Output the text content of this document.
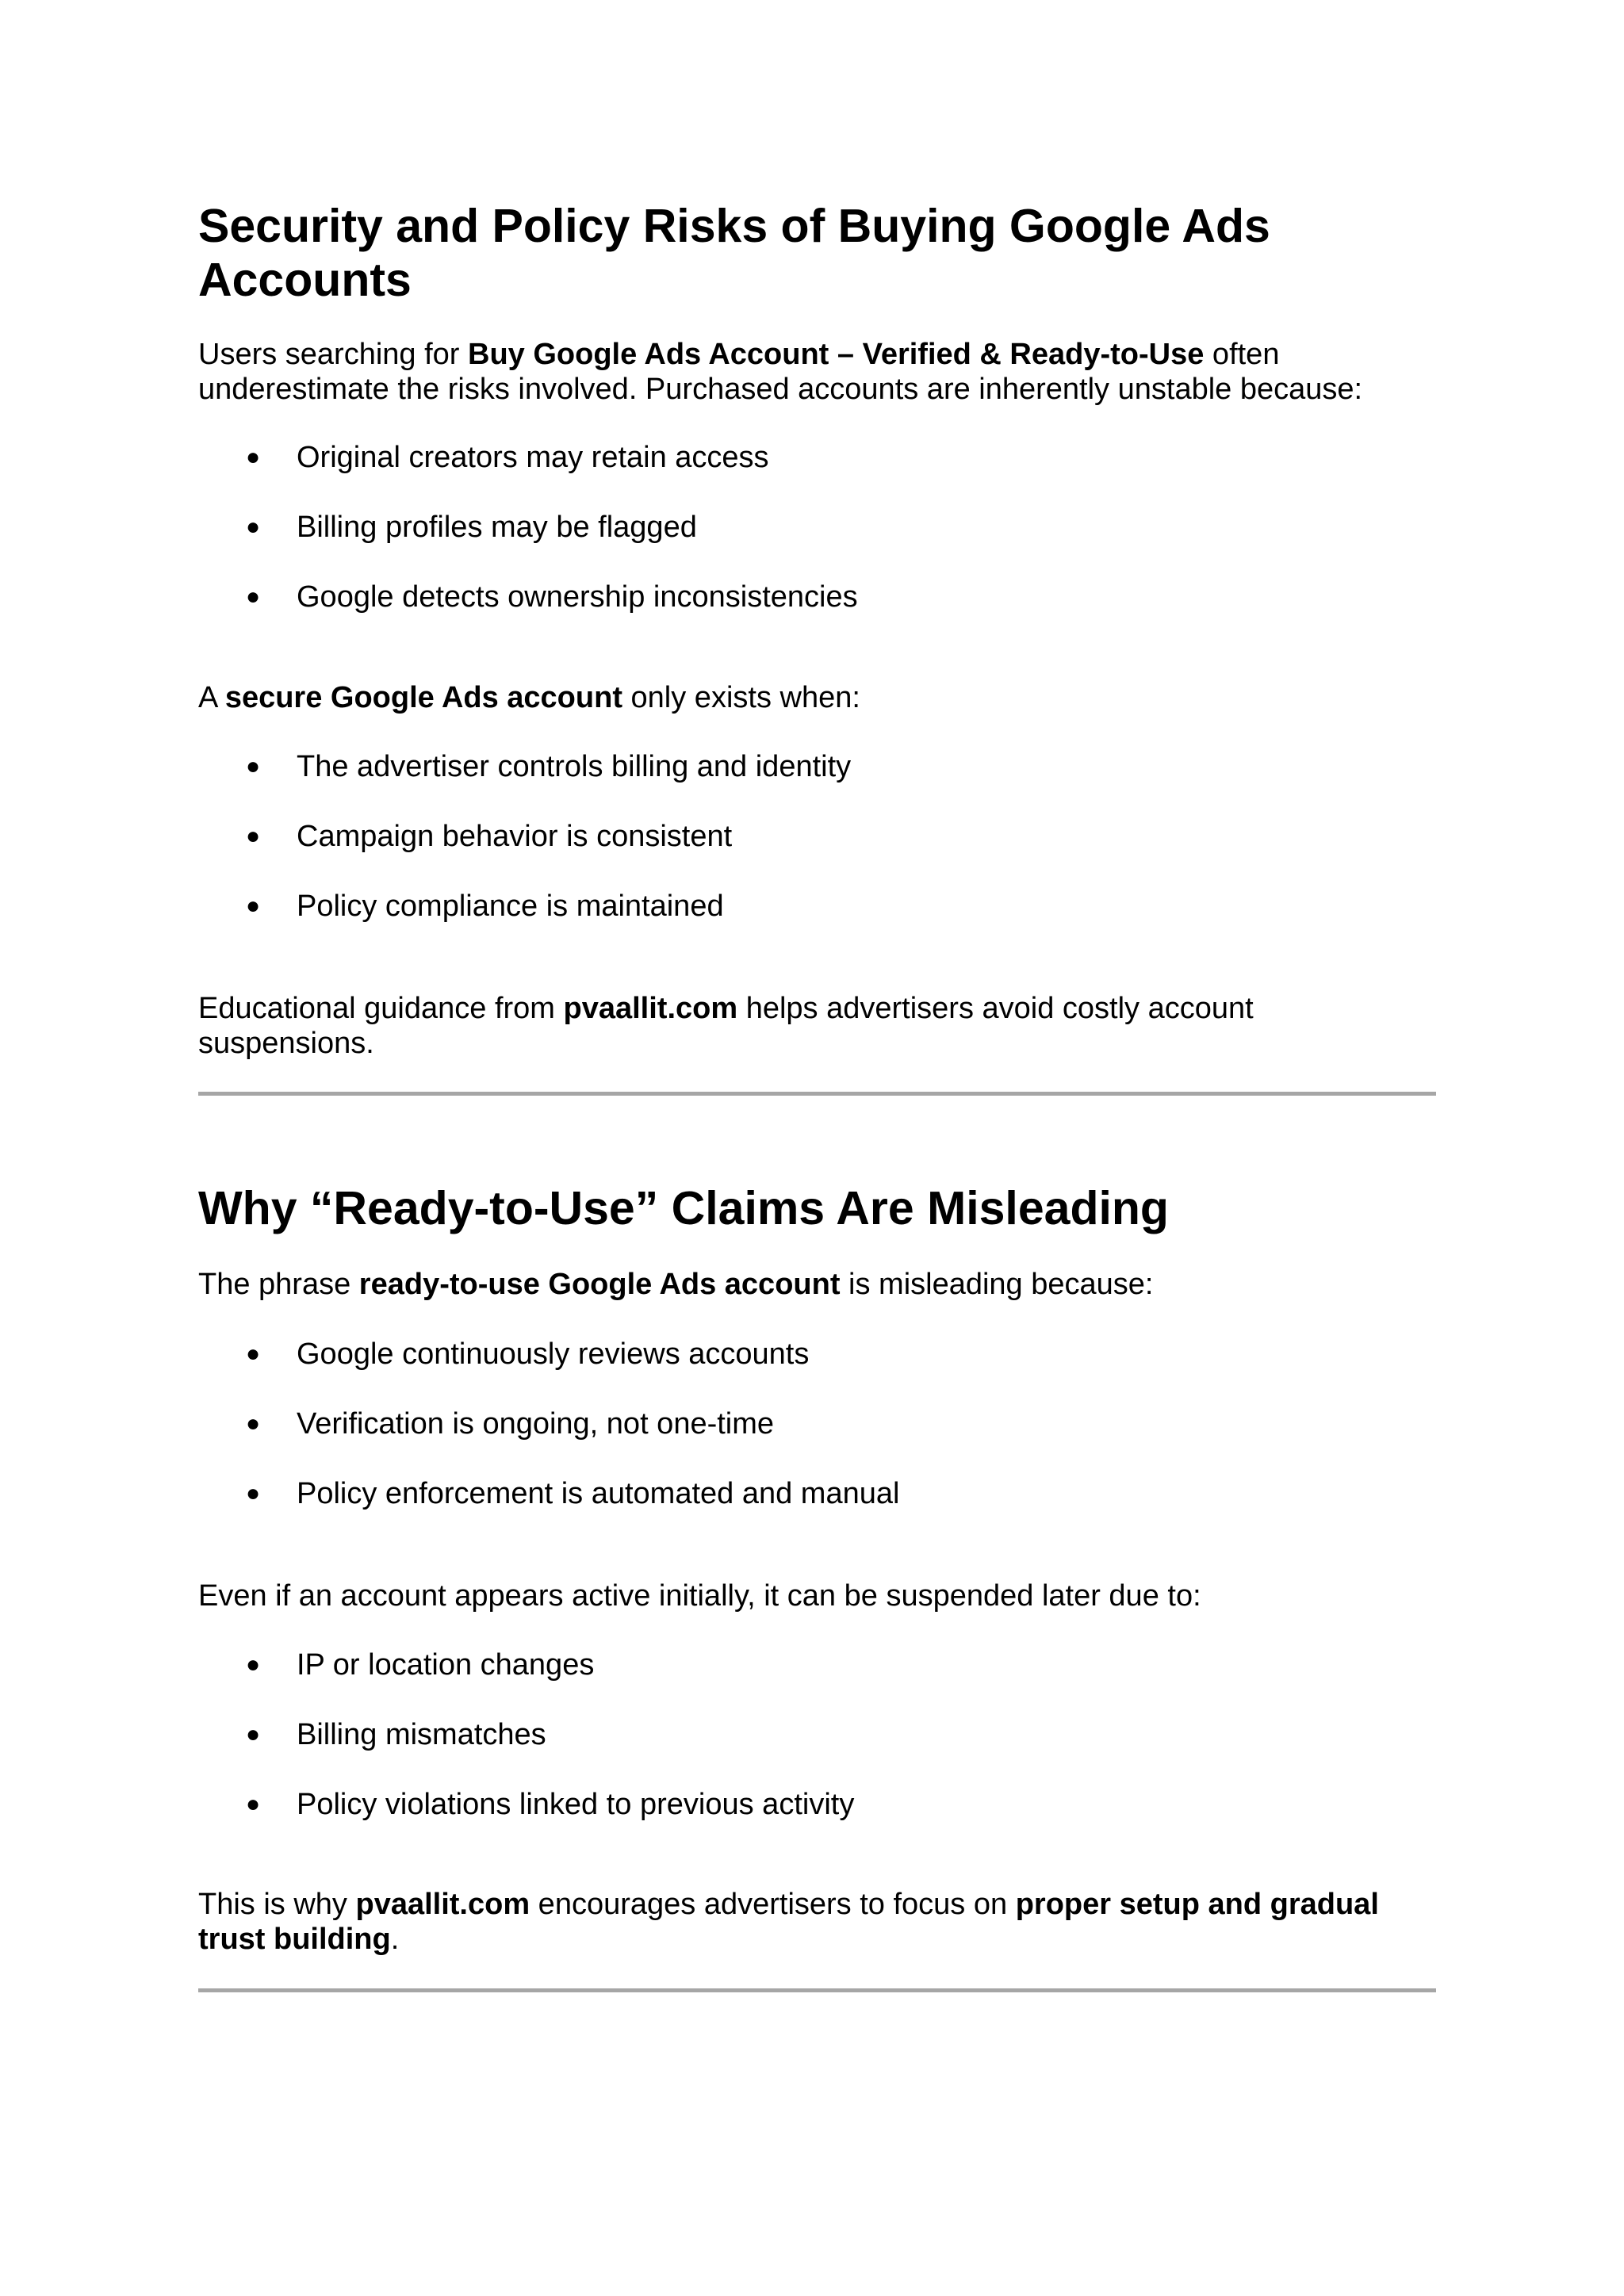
Security and Policy Risks of Buying Google Ads Accounts

Users searching for Buy Google Ads Account – Verified & Ready-to-Use often underestimate the risks involved. Purchased accounts are inherently unstable because:

● Original creators may retain access
● Billing profiles may be flagged
● Google detects ownership inconsistencies

A secure Google Ads account only exists when:

● The advertiser controls billing and identity
● Campaign behavior is consistent
● Policy compliance is maintained

Educational guidance from pvaallit.com helps advertisers avoid costly account suspensions.

Why “Ready-to-Use” Claims Are Misleading

The phrase ready-to-use Google Ads account is misleading because:

● Google continuously reviews accounts
● Verification is ongoing, not one-time
● Policy enforcement is automated and manual

Even if an account appears active initially, it can be suspended later due to:

● IP or location changes
● Billing mismatches
● Policy violations linked to previous activity

This is why pvaallit.com encourages advertisers to focus on proper setup and gradual trust building.
